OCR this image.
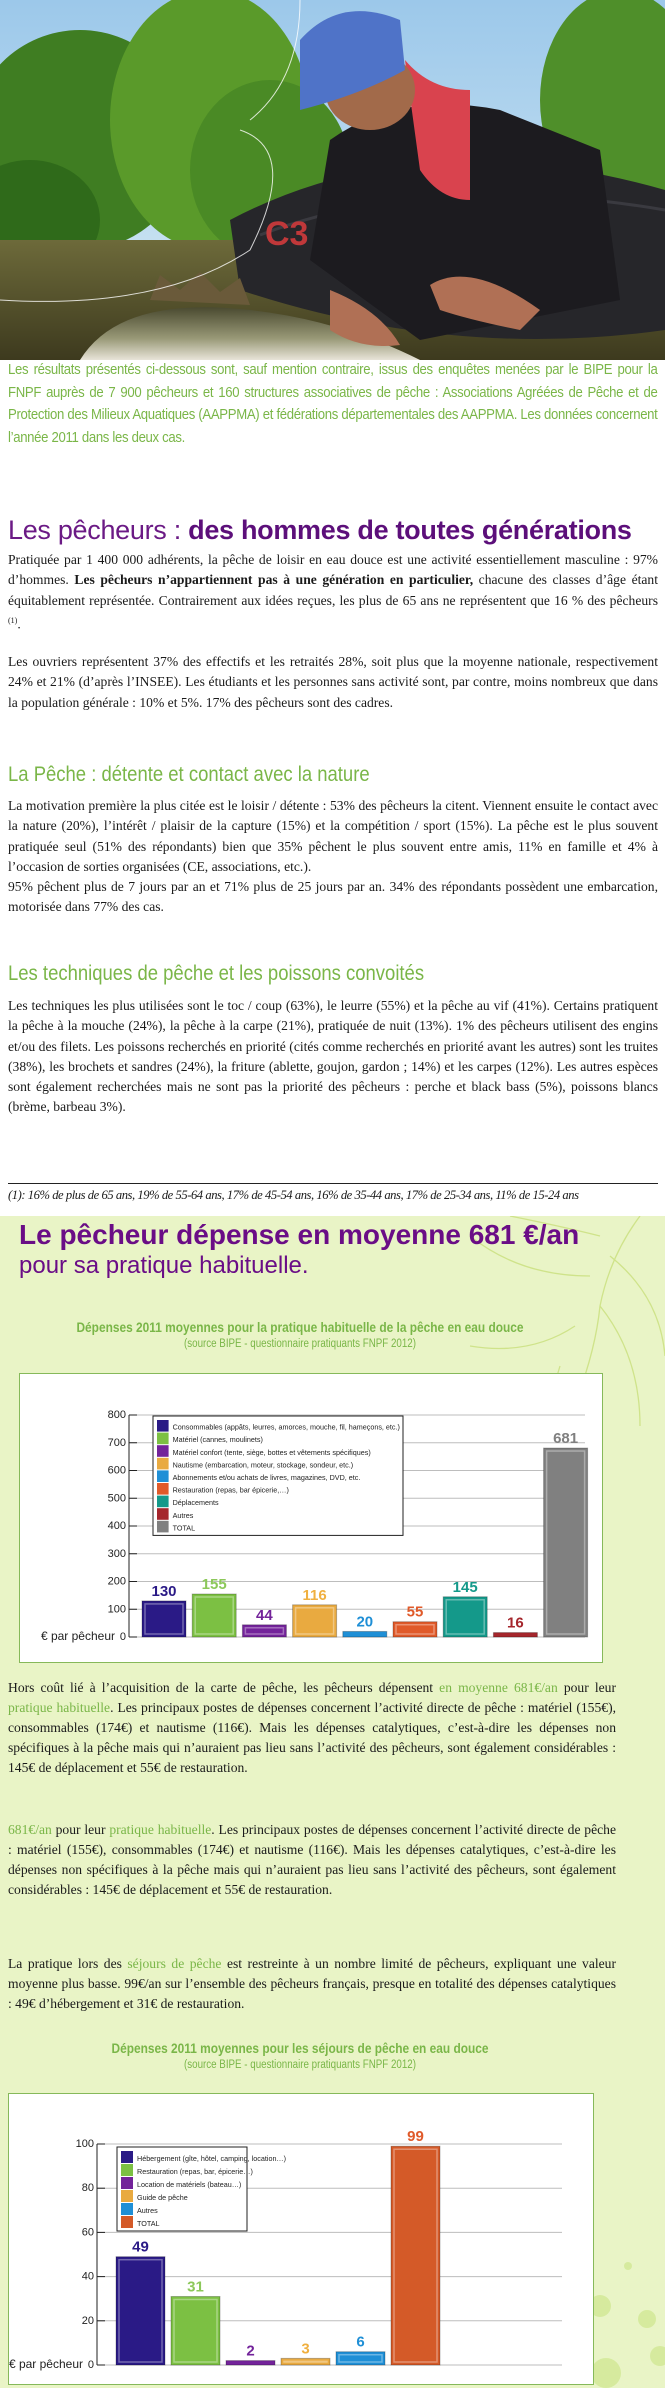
C3
Les résultats présentés ci-dessous sont, sauf mention contraire, issus des enquêtes menées par le BIPE pour la FNPF auprès de 7 900 pêcheurs et 160 structures associatives de pêche : Associations Agréées de Pêche et de Protection des Milieux Aquatiques (AAPPMA) et fédérations départementales des AAPPMA. Les données concernent l’année 2011 dans les deux cas.
Les pêcheurs : des hommes de toutes générations
Pratiquée par 1 400 000 adhérents, la pêche de loisir en eau douce est une activité essentiellement masculine : 97% d’hommes. Les pêcheurs n’appartiennent pas à une génération en particulier, chacune des classes d’âge étant équitablement représentée. Contrairement aux idées reçues, les plus de 65 ans ne représentent que 16 % des pêcheurs $^{(1)}$.
Les ouvriers représentent 37% des effectifs et les retraités 28%, soit plus que la moyenne nationale, respectivement 24% et 21% (d’après l’INSEE). Les étudiants et les personnes sans activité sont, par contre, moins nombreux que dans la population générale : 10% et 5%. 17% des pêcheurs sont des cadres.
La Pêche : détente et contact avec la nature
La motivation première la plus citée est le loisir / détente : 53% des pêcheurs la citent. Viennent ensuite le contact avec la nature (20%), l’intérêt / plaisir de la capture (15%) et la compétition / sport (15%). La pêche est le plus souvent pratiquée seul (51% des répondants) bien que 35% pêchent le plus souvent entre amis, 11% en famille et 4% à l’occasion de sorties organisées (CE, associations, etc.).
95% pêchent plus de 7 jours par an et 71% plus de 25 jours par an. 34% des répondants possèdent une embarcation, motorisée dans 77% des cas.
Les techniques de pêche et les poissons convoités
Les techniques les plus utilisées sont le toc / coup (63%), le leurre (55%) et la pêche au vif (41%). Certains pratiquent la pêche à la mouche (24%), la pêche à la carpe (21%), pratiquée de nuit (13%). 1% des pêcheurs utilisent des engins et/ou des filets. Les poissons recherchés en priorité (cités comme recherchés en priorité avant les autres) sont les truites (38%), les brochets et sandres (24%), la friture (ablette, goujon, gardon ; 14%) et les carpes (12%). Les autres espèces sont également recherchées mais ne sont pas la priorité des pêcheurs : perche et black bass (5%), poissons blancs (brème, barbeau 3%).
(1): 16% de plus de 65 ans, 19% de 55-64 ans, 17% de 45-54 ans, 16% de 35-44 ans, 17% de 25-34 ans, 11% de 15-24 ans
Le pêcheur dépense en moyenne 681 €/an
pour sa pratique habituelle.
Dépenses 2011 moyennes pour la pratique habituelle de la pêche en eau douce
(source BIPE - questionnaire pratiquants FNPF 2012)
0
100
200
300
400
500
600
700
800
€ par pêcheur
130 155
44
116
20
55
145
16
681
Consommables (appâts, leurres, amorces, mouche, fil, hameçons, etc.)
Matériel (cannes, moulinets)
Matériel confort (tente, siège, bottes et vêtements spécifiques)
Nautisme (embarcation, moteur, stockage, sondeur, etc.)
Abonnements et/ou achats de livres, magazines, DVD, etc.
Restauration (repas, bar épicerie,…)
Déplacements
Autres
TOTAL
Hors coût lié à l’acquisition de la carte de pêche, les pêcheurs dépensent en moyenne 681€/an pour leur pratique habituelle. Les principaux postes de dépenses concernent l’activité directe de pêche : matériel (155€), consommables (174€) et nautisme (116€). Mais les dépenses catalytiques, c’est-à-dire les dépenses non spécifiques à la pêche mais qui n’auraient pas lieu sans l’activité des pêcheurs, sont également considérables : 145€ de déplacement et 55€ de restauration.
681€/an pour leur pratique habituelle. Les principaux postes de dépenses concernent l’activité directe de pêche : matériel (155€), consommables (174€) et nautisme (116€). Mais les dépenses catalytiques, c’est-à-dire les dépenses non spécifiques à la pêche mais qui n’auraient pas lieu sans l’activité des pêcheurs, sont également considérables : 145€ de déplacement et 55€ de restauration.
La pratique lors des séjours de pêche est restreinte à un nombre limité de pêcheurs, expliquant une valeur moyenne plus basse. 99€/an sur l’ensemble des pêcheurs français, presque en totalité des dépenses catalytiques : 49€ d’hébergement et 31€ de restauration.
Dépenses 2011 moyennes pour les séjours de pêche en eau douce
(source BIPE - questionnaire pratiquants FNPF 2012)
0
20
40
60
80
100
€ par pêcheur
49
31
2	3	6
99
Hébergement (gîte, hôtel, camping, location…)
Restauration (repas, bar, épicerie…)
Location de matériels (bateau…)
Guide de pêche
Autres
TOTAL
